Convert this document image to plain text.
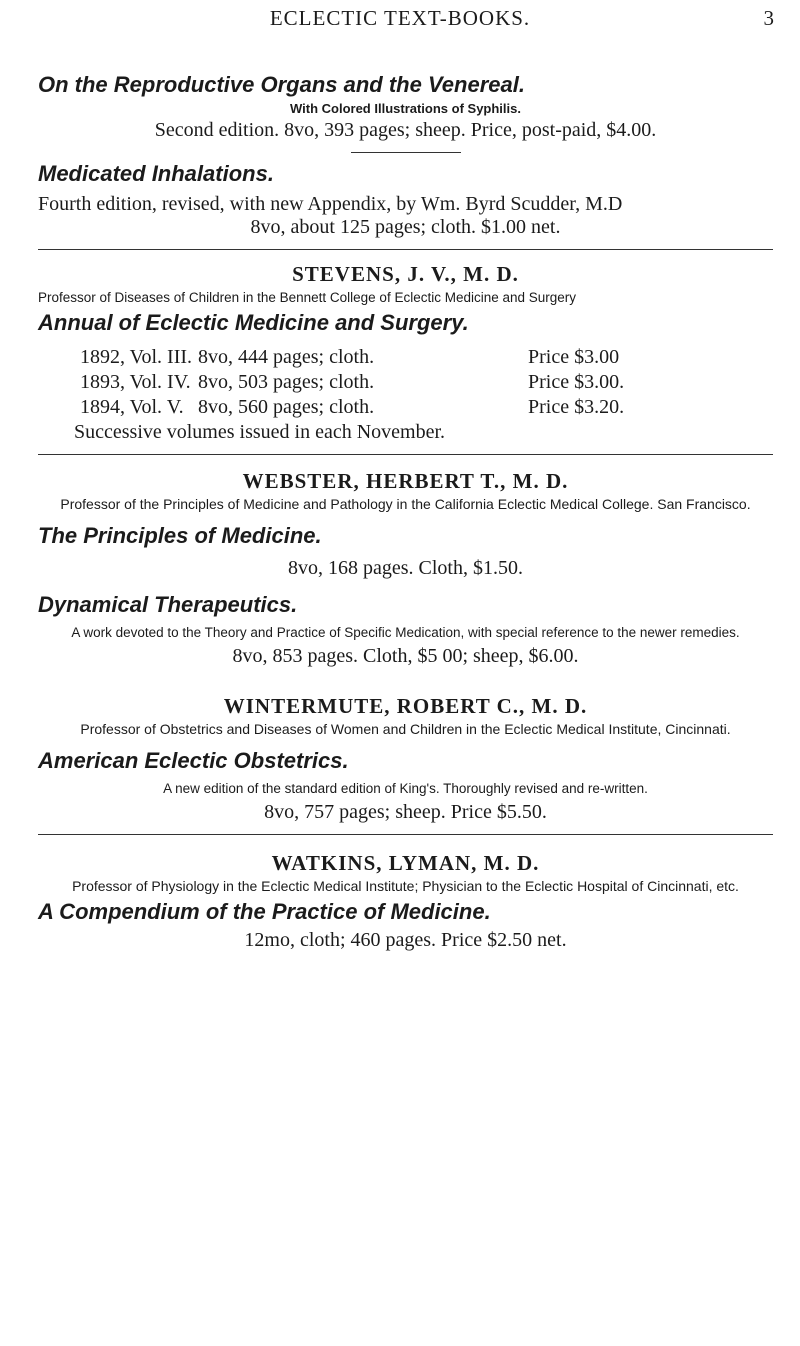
ECLECTIC TEXT-BOOKS.	3

On the Reproductive Organs and the Venereal.

With Colored Illustrations of Syphilis.

Second edition. 8vo, 393 pages; sheep. Price, post-paid, $4.00.

Medicated Inhalations.

Fourth edition, revised, with new Appendix, by Wm. Byrd Scudder, M.D

8vo, about 125 pages; cloth. $1.00 net.

STEVENS, J. V., M. D.

Professor of Diseases of Children in the Bennett College of Eclectic Medicine and Surgery

Annual of Eclectic Medicine and Surgery.

1892, Vol. III. 8vo, 444 pages; cloth.	Price $3.00
1893, Vol. IV. 8vo, 503 pages; cloth.	Price $3.00.
1894, Vol. V. 8vo, 560 pages; cloth.	Price $3.20.

Successive volumes issued in each November.

WEBSTER, HERBERT T., M. D.

Professor of the Principles of Medicine and Pathology in the California Eclectic Medical College. San Francisco.

The Principles of Medicine.

8vo, 168 pages. Cloth, $1.50.

Dynamical Therapeutics.

A work devoted to the Theory and Practice of Specific Medication, with special reference to the newer remedies.

8vo, 853 pages. Cloth, $5 00; sheep, $6.00.

WINTERMUTE, ROBERT C., M. D.

Professor of Obstetrics and Diseases of Women and Children in the Eclectic Medical Institute, Cincinnati.

American Eclectic Obstetrics.

A new edition of the standard edition of King's. Thoroughly revised and re-written.

8vo, 757 pages; sheep. Price $5.50.

WATKINS, LYMAN, M. D.

Professor of Physiology in the Eclectic Medical Institute; Physician to the Eclectic Hospital of Cincinnati, etc.

A Compendium of the Practice of Medicine.

12mo, cloth; 460 pages. Price $2.50 net.
